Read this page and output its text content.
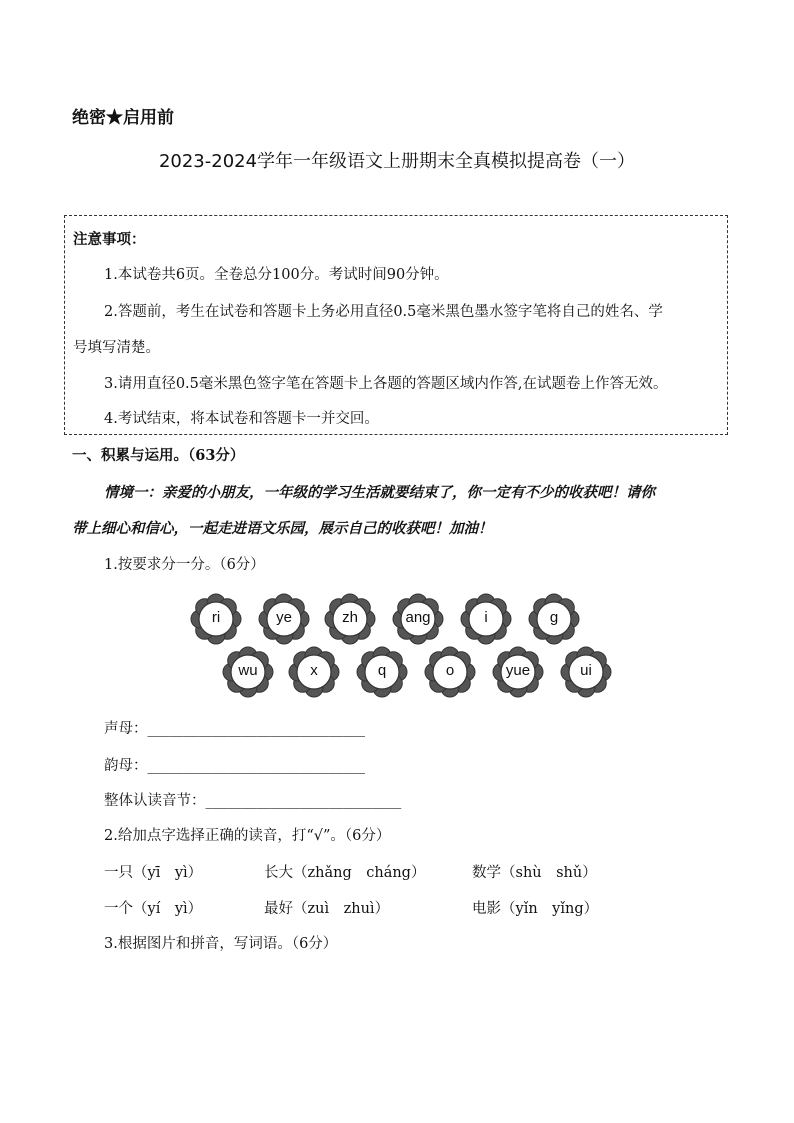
绝密★启用前
2023-2024学年一年级语文上册期末全真模拟提高卷（一）
注意事项：
1.本试卷共6页。全卷总分100分。考试时间90分钟。
2.答题前，考生在试卷和答题卡上务必用直径0.5毫米黑色墨水签字笔将自己的姓名、学
号填写清楚。
3.请用直径0.5毫米黑色签字笔在答题卡上各题的答题区域内作答,在试题卷上作答无效。
4.考试结束，将本试卷和答题卡一并交回。
一、积累与运用。（63分）
情境一：亲爱的小朋友，一年级的学习生活就要结束了，你一定有不少的收获吧！请你
带上细心和信心，一起走进语文乐园，展示自己的收获吧！加油！
1.按要求分一分。（6分）
ri	ye	zh	ang	i	g
wu	x	q	o	yue	ui
声母：______________________________
韵母：______________________________
整体认读音节：___________________________
2.给加点字选择正确的读音，打“√”。（6分）
一只（yī　yì）	长大（zhǎng　cháng）	数学（shù　shǔ）
一个（yí　yì）	最好（zuì　zhuì）	电影（yǐn　yǐng）
3.根据图片和拼音，写词语。（6分）
